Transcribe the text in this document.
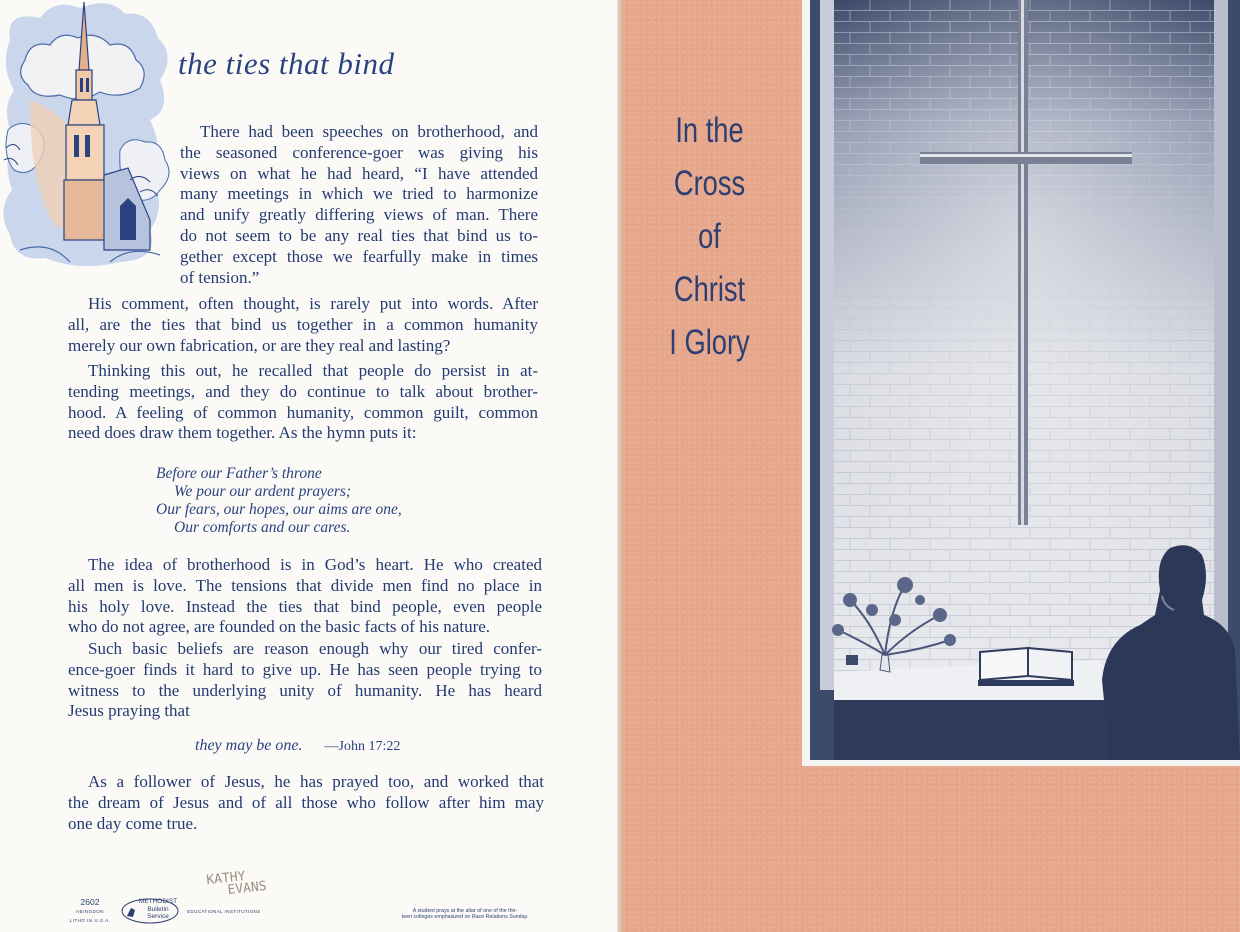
the ties that bind
There had been speeches on brotherhood, and
the seasoned conference-goer was giving his
views on what he had heard, “I have attended
many meetings in which we tried to harmonize
and unify greatly differing views of man. There
do not seem to be any real ties that bind us to-
gether except those we fearfully make in times
of tension.”
His comment, often thought, is rarely put into words. After
all, are the ties that bind us together in a common humanity
merely our own fabrication, or are they real and lasting?
Thinking this out, he recalled that people do persist in at-
tending meetings, and they do continue to talk about brother-
hood. A feeling of common humanity, common guilt, common
need does draw them together. As the hymn puts it:
Before our Father’s throne
We pour our ardent prayers;
Our fears, our hopes, our aims are one,
Our comforts and our cares.
The idea of brotherhood is in God’s heart. He who created
all men is love. The tensions that divide men find no place in
his holy love. Instead the ties that bind people, even people
who do not agree, are founded on the basic facts of his nature.
Such basic beliefs are reason enough why our tired confer-
ence-goer finds it hard to give up. He has seen people trying to
witness to the underlying unity of humanity. He has heard
Jesus praying that
they may be one. —John 17:22
As a follower of Jesus, he has prayed too, and worked that
the dream of Jesus and of all those who follow after him may
one day come true.
2602
ABINGDON
LITHO IN U.S.A.
METHODIST
Bulletin
Service
EDUCATIONAL INSTITUTIONS
KATHY
EVANS
A student prays at the altar of one of the thir-
teen colleges emphasized on Race Relations Sunday.
In the
Cross
of
Christ
I Glory
